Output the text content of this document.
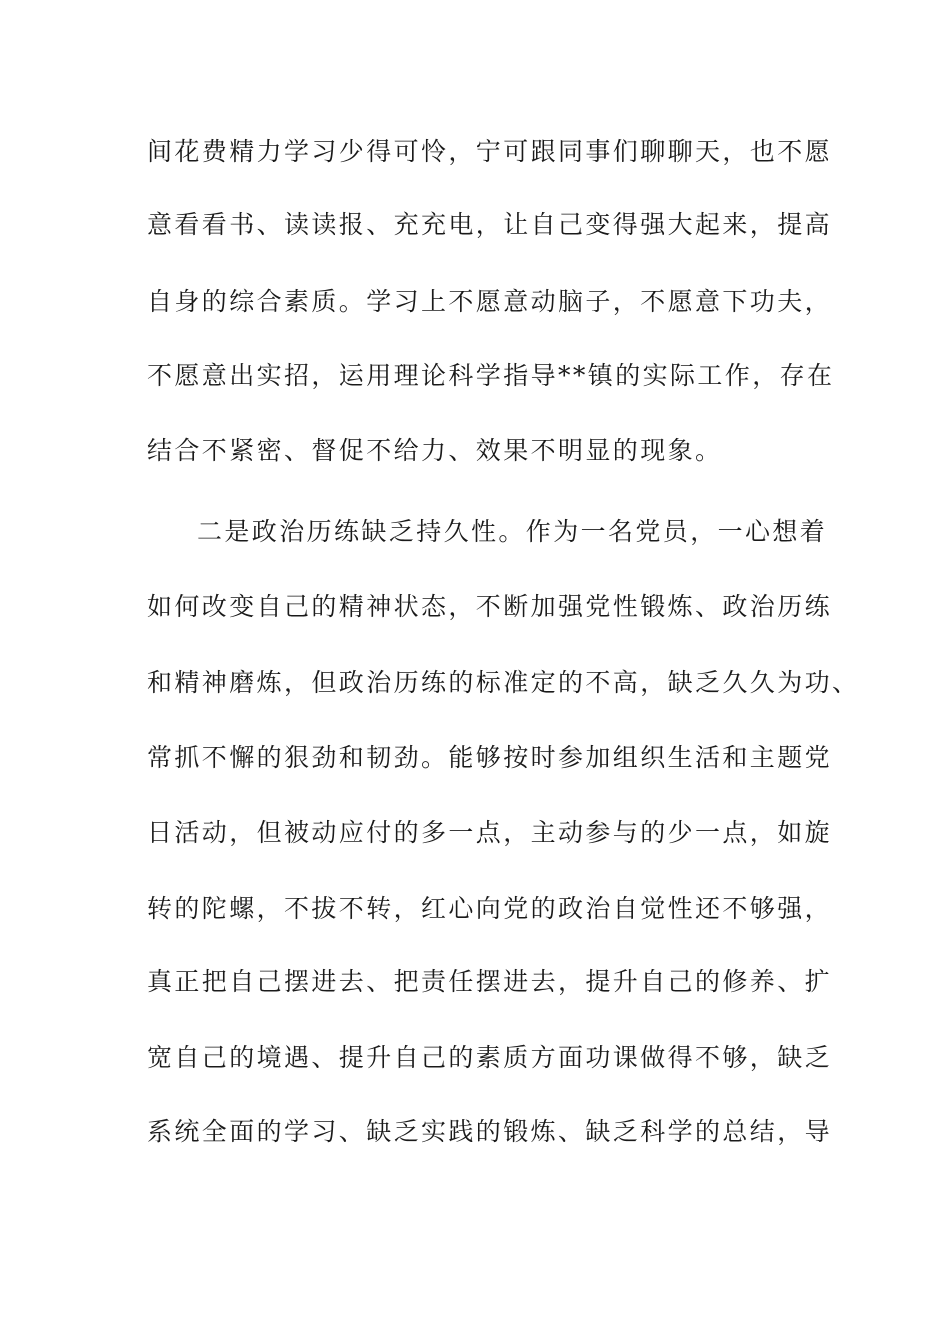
间花费精力学习少得可怜，宁可跟同事们聊聊天，也不愿
意看看书、读读报、充充电，让自己变得强大起来，提高
自身的综合素质。学习上不愿意动脑子，不愿意下功夫，
不愿意出实招，运用理论科学指导**镇的实际工作，存在
结合不紧密、督促不给力、效果不明显的现象。
二是政治历练缺乏持久性。作为一名党员，一心想着
如何改变自己的精神状态，不断加强党性锻炼、政治历练
和精神磨炼，但政治历练的标准定的不高，缺乏久久为功、
常抓不懈的狠劲和韧劲。能够按时参加组织生活和主题党
日活动，但被动应付的多一点，主动参与的少一点，如旋
转的陀螺，不拔不转，红心向党的政治自觉性还不够强，
真正把自己摆进去、把责任摆进去，提升自己的修养、扩
宽自己的境遇、提升自己的素质方面功课做得不够，缺乏
系统全面的学习、缺乏实践的锻炼、缺乏科学的总结，导
